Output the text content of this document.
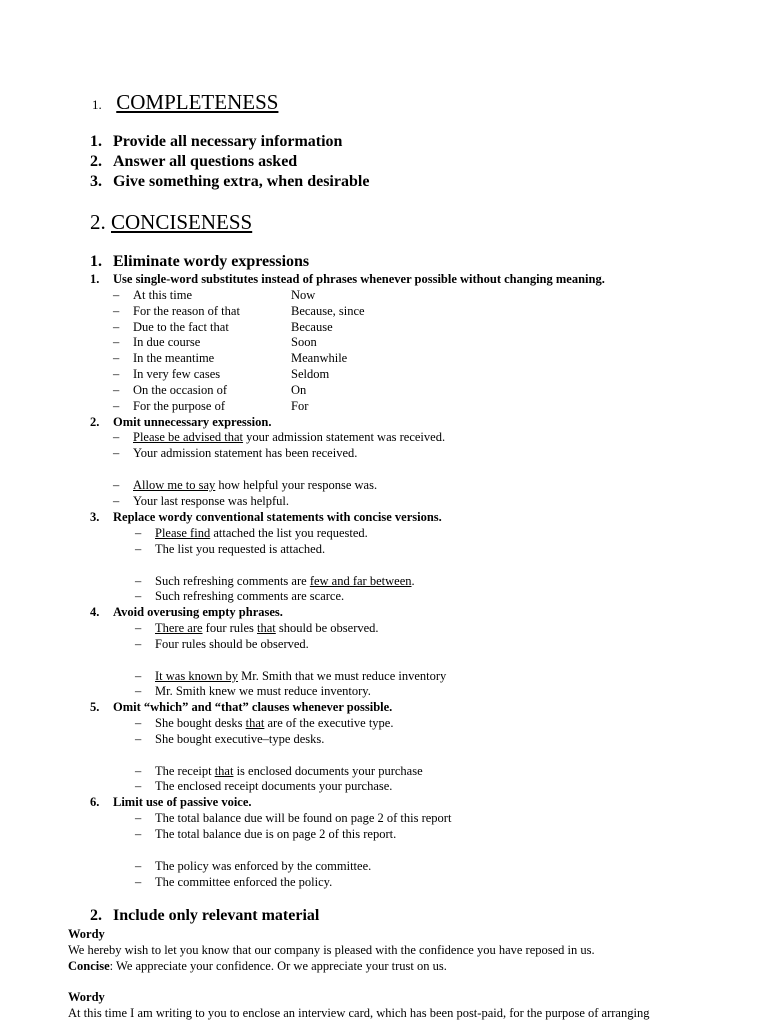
1. COMPLETENESS
1. Provide all necessary information
2. Answer all questions asked
3. Give something extra, when desirable
2. CONCISENESS
1. Eliminate wordy expressions
1. Use single-word substitutes instead of phrases whenever possible without changing meaning.
– At this time	Now
– For the reason of that	Because, since
– Due to the fact that	Because
– In due course	Soon
– In the meantime	Meanwhile
– In very few cases	Seldom
– On the occasion of	On
– For the purpose of	For
2. Omit unnecessary expression.
– Please be advised that your admission statement was received.
– Your admission statement has been received.
– Allow me to say how helpful your response was.
– Your last response was helpful.
3. Replace wordy conventional statements with concise versions.
– Please find attached the list you requested.
– The list you requested is attached.
– Such refreshing comments are few and far between.
– Such refreshing comments are scarce.
4. Avoid overusing empty phrases.
– There are four rules that should be observed.
– Four rules should be observed.
– It was known by Mr. Smith that we must reduce inventory
– Mr. Smith knew we must reduce inventory.
5. Omit “which” and “that” clauses whenever possible.
– She bought desks that are of the executive type.
– She bought executive–type desks.
– The receipt that is enclosed documents your purchase
– The enclosed receipt documents your purchase.
6. Limit use of passive voice.
– The total balance due will be found on page 2 of this report
– The total balance due is on page 2 of this report.
– The policy was enforced by the committee.
– The committee enforced the policy.
2. Include only relevant material
Wordy
We hereby wish to let you know that our company is pleased with the confidence you have reposed in us.
Concise: We appreciate your confidence. Or we appreciate your trust on us.
Wordy
At this time I am writing to you to enclose an interview card, which has been post-paid, for the purpose of arranging
